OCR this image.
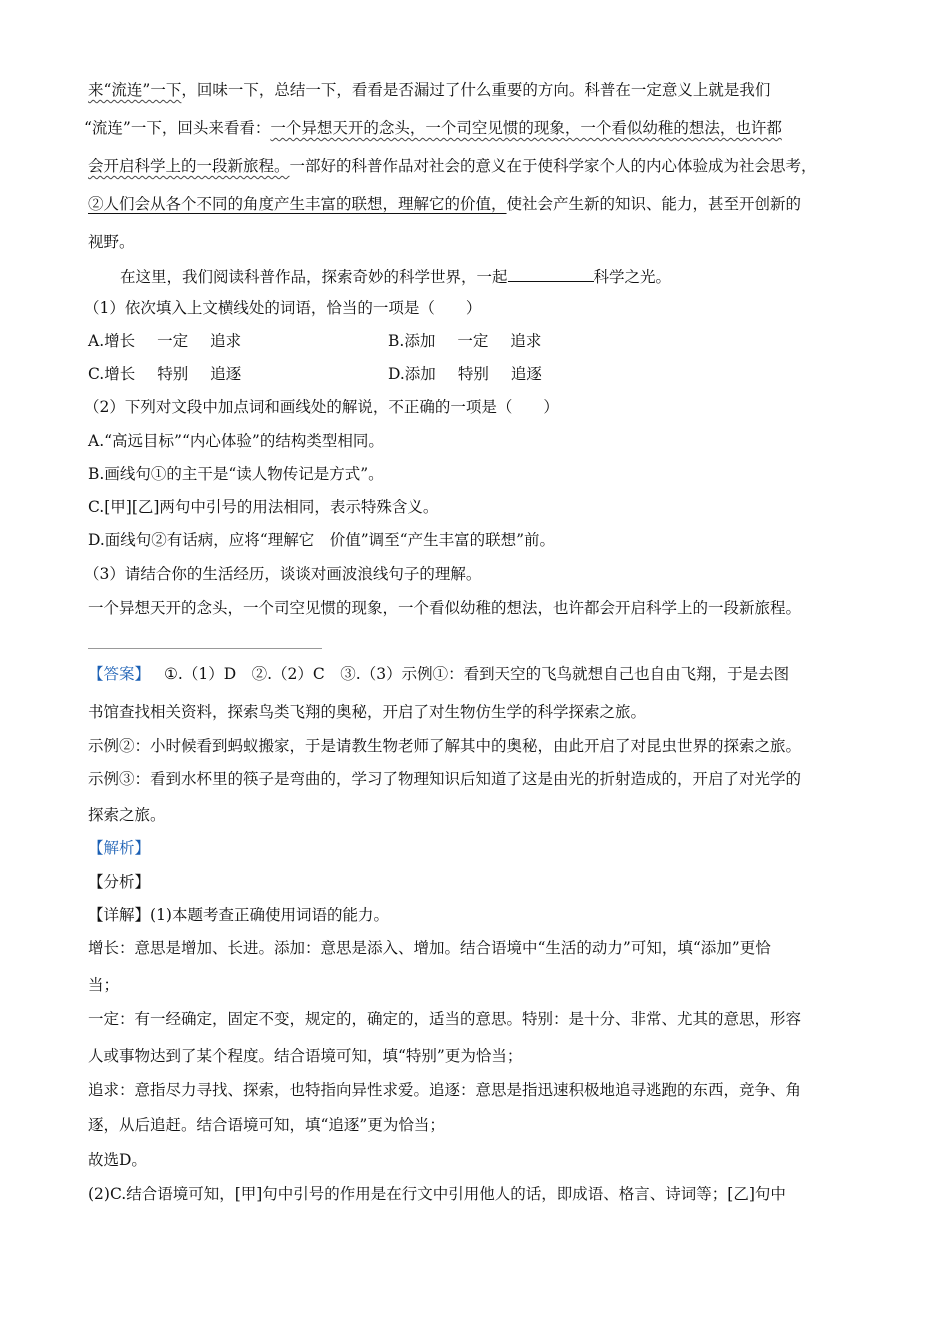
来“流连”一下，回味一下，总结一下，看看是否漏过了什么重要的方向。科普在一定意义上就是我们
“流连”一下，回头来看看：一个异想天开的念头，一个司空见惯的现象，一个看似幼稚的想法，也许都
会开启科学上的一段新旅程。一部好的科普作品对社会的意义在于使科学家个人的内心体验成为社会思考，
②人们会从各个不同的角度产生丰富的联想，理解它的价值，使社会产生新的知识、能力，甚至开创新的
视野。
在这里，我们阅读科普作品，探索奇妙的科学世界，一起	科学之光。
（1）依次填入上文横线处的词语，恰当的一项是（　　）
A.增长 一定 追求	B.添加 一定 追求
C.增长 特别 追逐	D.添加 特别 追逐
（2）下列对文段中加点词和画线处的解说，不正确的一项是（　　）
A.“高远目标”“内心体验”的结构类型相同。
B.画线句①的主干是“读人物传记是方式”。
C.[甲][乙]两句中引号的用法相同，表示特殊含义。
D.面线句②有话病，应将“理解它　价值”调至“产生丰富的联想”前。
（3）请结合你的生活经历，谈谈对画波浪线句子的理解。
一个异想天开的念头，一个司空见惯的现象，一个看似幼稚的想法，也许都会开启科学上的一段新旅程。
【答案】 ①.（1）D　②.（2）C　③.（3）示例①：看到天空的飞鸟就想自己也自由飞翔，于是去图
书馆查找相关资料，探索鸟类飞翔的奥秘，开启了对生物仿生学的科学探索之旅。
示例②：小时候看到蚂蚁搬家，于是请教生物老师了解其中的奥秘，由此开启了对昆虫世界的探索之旅。
示例③：看到水杯里的筷子是弯曲的，学习了物理知识后知道了这是由光的折射造成的，开启了对光学的
探索之旅。
【解析】
【分析】
【详解】(1)本题考查正确使用词语的能力。
增长：意思是增加、长进。添加：意思是添入、增加。结合语境中“生活的动力”可知，填“添加”更恰
当；
一定：有一经确定，固定不变，规定的，确定的，适当的意思。特别：是十分、非常、尤其的意思，形容
人或事物达到了某个程度。结合语境可知，填“特别”更为恰当；
追求：意指尽力寻找、探索，也特指向异性求爱。追逐：意思是指迅速积极地追寻逃跑的东西，竞争、角
逐，从后追赶。结合语境可知，填“追逐”更为恰当；
故选D。
(2)C.结合语境可知，[甲]句中引号的作用是在行文中引用他人的话，即成语、格言、诗词等；[乙]句中
